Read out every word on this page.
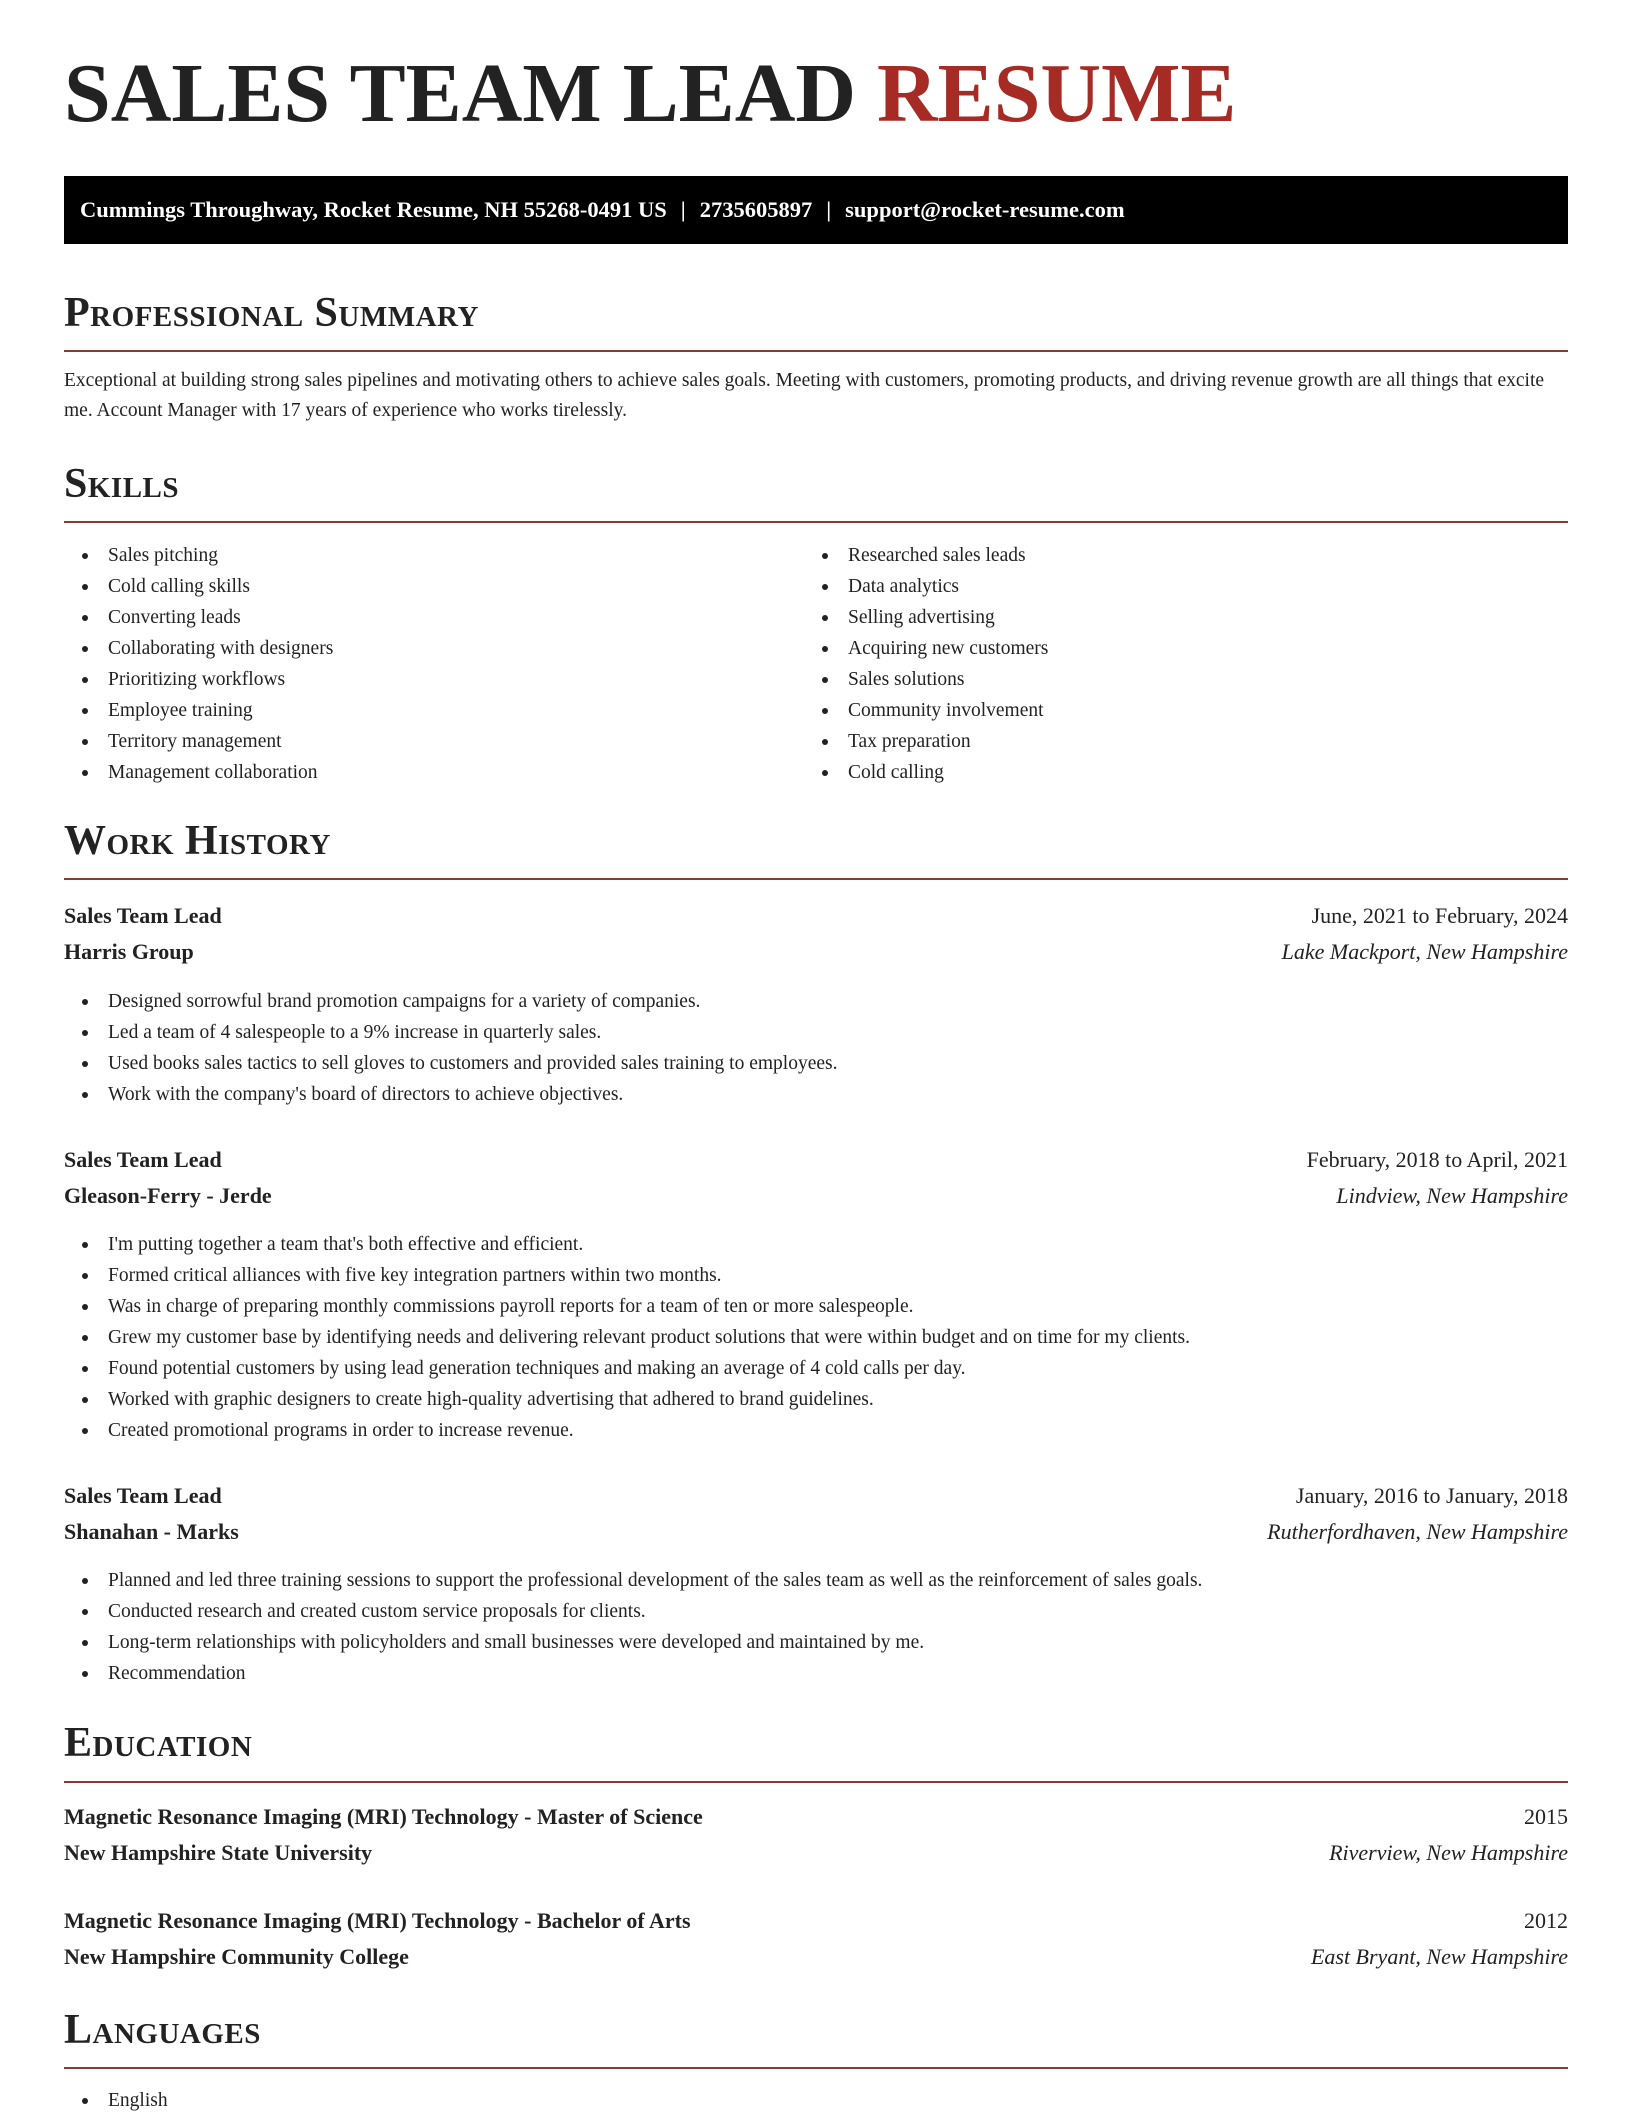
SALES TEAM LEAD RESUME
Cummings Throughway, Rocket Resume, NH 55268-0491 US | 2735605897 | support@rocket-resume.com
Professional Summary
Exceptional at building strong sales pipelines and motivating others to achieve sales goals. Meeting with customers, promoting products, and driving revenue growth are all things that excite me. Account Manager with 17 years of experience who works tirelessly.
Skills
Sales pitching
Cold calling skills
Converting leads
Collaborating with designers
Prioritizing workflows
Employee training
Territory management
Management collaboration
Researched sales leads
Data analytics
Selling advertising
Acquiring new customers
Sales solutions
Community involvement
Tax preparation
Cold calling
Work History
Sales Team Lead	June, 2021 to February, 2024
Harris Group	Lake Mackport, New Hampshire
Designed sorrowful brand promotion campaigns for a variety of companies.
Led a team of 4 salespeople to a 9% increase in quarterly sales.
Used books sales tactics to sell gloves to customers and provided sales training to employees.
Work with the company's board of directors to achieve objectives.
Sales Team Lead	February, 2018 to April, 2021
Gleason-Ferry - Jerde	Lindview, New Hampshire
I'm putting together a team that's both effective and efficient.
Formed critical alliances with five key integration partners within two months.
Was in charge of preparing monthly commissions payroll reports for a team of ten or more salespeople.
Grew my customer base by identifying needs and delivering relevant product solutions that were within budget and on time for my clients.
Found potential customers by using lead generation techniques and making an average of 4 cold calls per day.
Worked with graphic designers to create high-quality advertising that adhered to brand guidelines.
Created promotional programs in order to increase revenue.
Sales Team Lead	January, 2016 to January, 2018
Shanahan - Marks	Rutherfordhaven, New Hampshire
Planned and led three training sessions to support the professional development of the sales team as well as the reinforcement of sales goals.
Conducted research and created custom service proposals for clients.
Long-term relationships with policyholders and small businesses were developed and maintained by me.
Recommendation
Education
Magnetic Resonance Imaging (MRI) Technology - Master of Science	2015
New Hampshire State University	Riverview, New Hampshire
Magnetic Resonance Imaging (MRI) Technology - Bachelor of Arts	2012
New Hampshire Community College	East Bryant, New Hampshire
Languages
English
